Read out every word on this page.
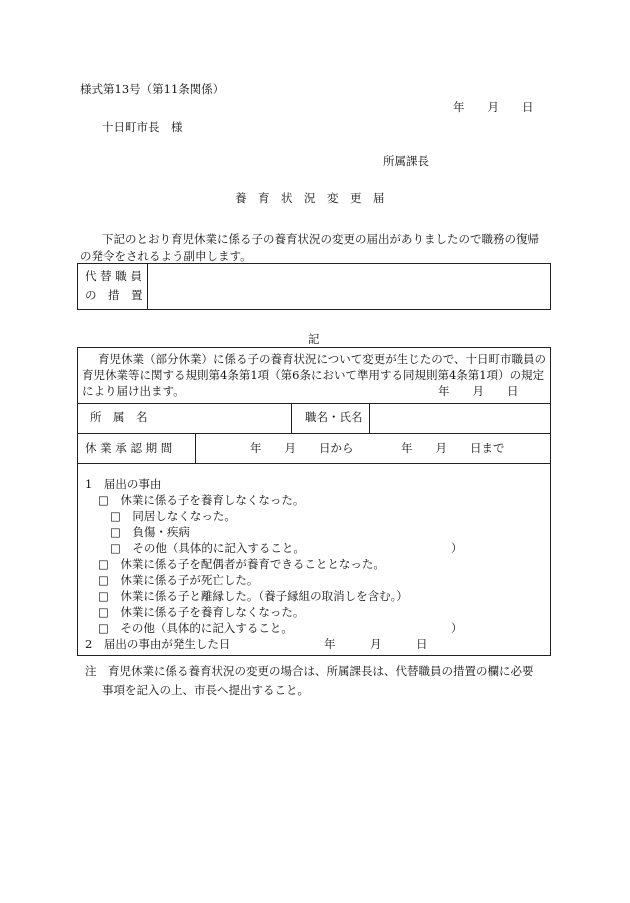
様式第13号（第11条関係）
年　　月　　日
十日町市長　様
所属課長
養　育　状　況　変　更　届
下記のとおり育児休業に係る子の養育状況の変更の届出がありましたので職務の復帰
の発令をされるよう副申します。
代 替 職 員
の　措　置
記
育児休業（部分休業）に係る子の養育状況について変更が生じたので、十日町市職員の
育児休業等に関する規則第4条第1項（第6条において準用する同規則第4条第1項）の規定
により届け出ます。	年　　月　　日
所　属　名	職名・氏名
休 業 承 認 期 間	年　　月　　日から	年　　月　　日まで
1　届出の事由
□　休業に係る子を養育しなくなった。
□　同居しなくなった。
□　負傷・疾病
□　その他（具体的に記入すること。	）
□　休業に係る子を配偶者が養育できることとなった。
□　休業に係る子が死亡した。
□　休業に係る子と離縁した。（養子縁組の取消しを含む。）
□　休業に係る子を養育しなくなった。
□　その他（具体的に記入すること。	）
2　届出の事由が発生した日	年　　　月　　　日
注　育児休業に係る養育状況の変更の場合は、所属課長は、代替職員の措置の欄に必要
事項を記入の上、市長へ提出すること。
